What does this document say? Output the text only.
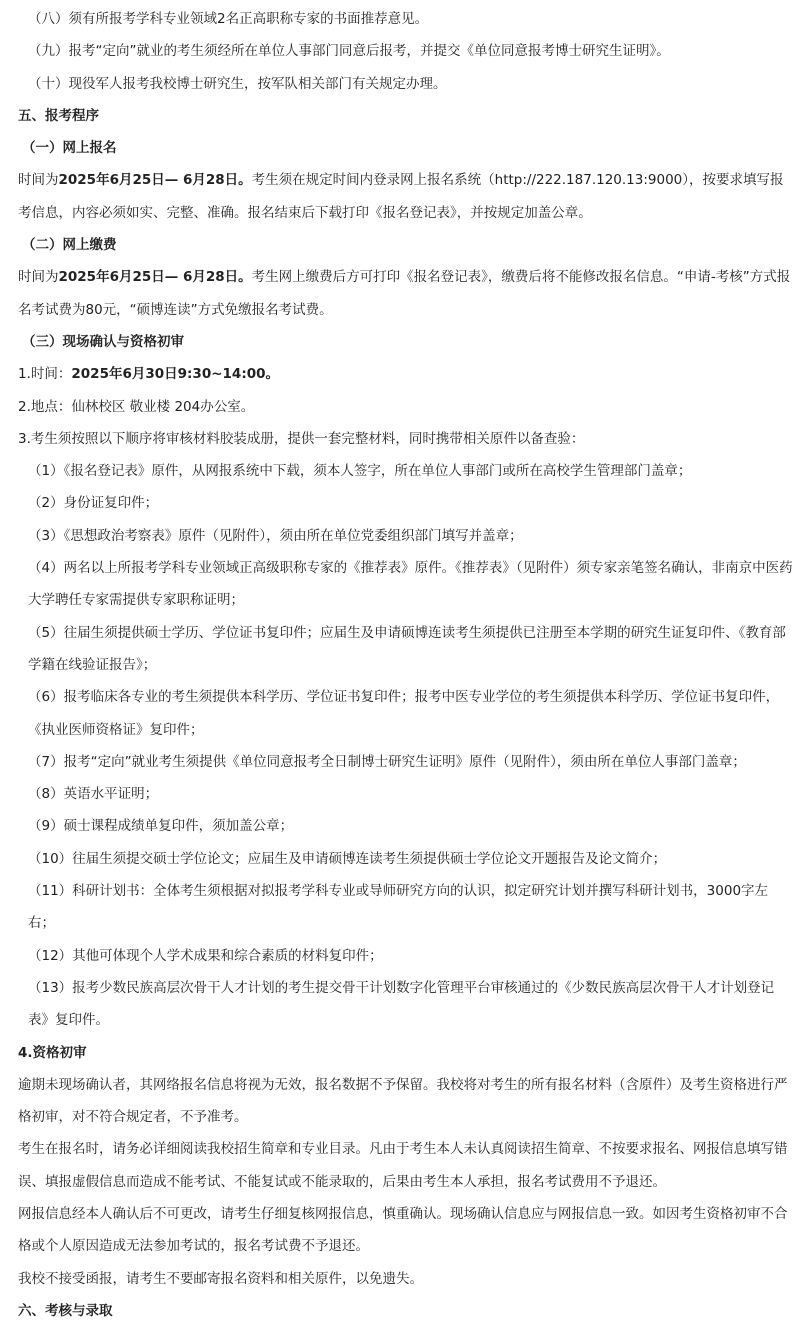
（八）须有所报考学科专业领域2名正高职称专家的书面推荐意见。

（九）报考“定向”就业的考生须经所在单位人事部门同意后报考，并提交《单位同意报考博士研究生证明》。

（十）现役军人报考我校博士研究生，按军队相关部门有关规定办理。

五、报考程序

（一）网上报名

时间为2025年6月25日— 6月28日。考生须在规定时间内登录网上报名系统（http://222.187.120.13:9000），按要求填写报考信息，内容必须如实、完整、准确。报名结束后下载打印《报名登记表》，并按规定加盖公章。

（二）网上缴费

时间为2025年6月25日— 6月28日。考生网上缴费后方可打印《报名登记表》，缴费后将不能修改报名信息。“申请-考核”方式报名考试费为80元，“硕博连读”方式免缴报名考试费。

（三）现场确认与资格初审

1.时间：2025年6月30日9:30~14:00。

2.地点：仙林校区 敬业楼 204办公室。

3.考生须按照以下顺序将审核材料胶装成册，提供一套完整材料，同时携带相关原件以备查验：

（1）《报名登记表》原件，从网报系统中下载，须本人签字，所在单位人事部门或所在高校学生管理部门盖章；

（2）身份证复印件；

（3）《思想政治考察表》原件（见附件），须由所在单位党委组织部门填写并盖章；

（4）两名以上所报考学科专业领域正高级职称专家的《推荐表》原件。《推荐表》（见附件）须专家亲笔签名确认，非南京中医药大学聘任专家需提供专家职称证明；

（5）往届生须提供硕士学历、学位证书复印件；应届生及申请硕博连读考生须提供已注册至本学期的研究生证复印件、《教育部学籍在线验证报告》；

（6）报考临床各专业的考生须提供本科学历、学位证书复印件；报考中医专业学位的考生须提供本科学历、学位证书复印件，《执业医师资格证》复印件；

（7）报考“定向”就业考生须提供《单位同意报考全日制博士研究生证明》原件（见附件），须由所在单位人事部门盖章；

（8）英语水平证明；

（9）硕士课程成绩单复印件，须加盖公章；

（10）往届生须提交硕士学位论文；应届生及申请硕博连读考生须提供硕士学位论文开题报告及论文简介；

（11）科研计划书：全体考生须根据对拟报考学科专业或导师研究方向的认识，拟定研究计划并撰写科研计划书，3000字左右；

（12）其他可体现个人学术成果和综合素质的材料复印件；

（13）报考少数民族高层次骨干人才计划的考生提交骨干计划数字化管理平台审核通过的《少数民族高层次骨干人才计划登记表》复印件。

4.资格初审

逾期未现场确认者，其网络报名信息将视为无效，报名数据不予保留。我校将对考生的所有报名材料（含原件）及考生资格进行严格初审，对不符合规定者，不予准考。

考生在报名时，请务必详细阅读我校招生简章和专业目录。凡由于考生本人未认真阅读招生简章、不按要求报名、网报信息填写错误、填报虚假信息而造成不能考试、不能复试或不能录取的，后果由考生本人承担，报名考试费用不予退还。

网报信息经本人确认后不可更改，请考生仔细复核网报信息，慎重确认。现场确认信息应与网报信息一致。如因考生资格初审不合格或个人原因造成无法参加考试的，报名考试费不予退还。

我校不接受函报，请考生不要邮寄报名资料和相关原件，以免遗失。

六、考核与录取
